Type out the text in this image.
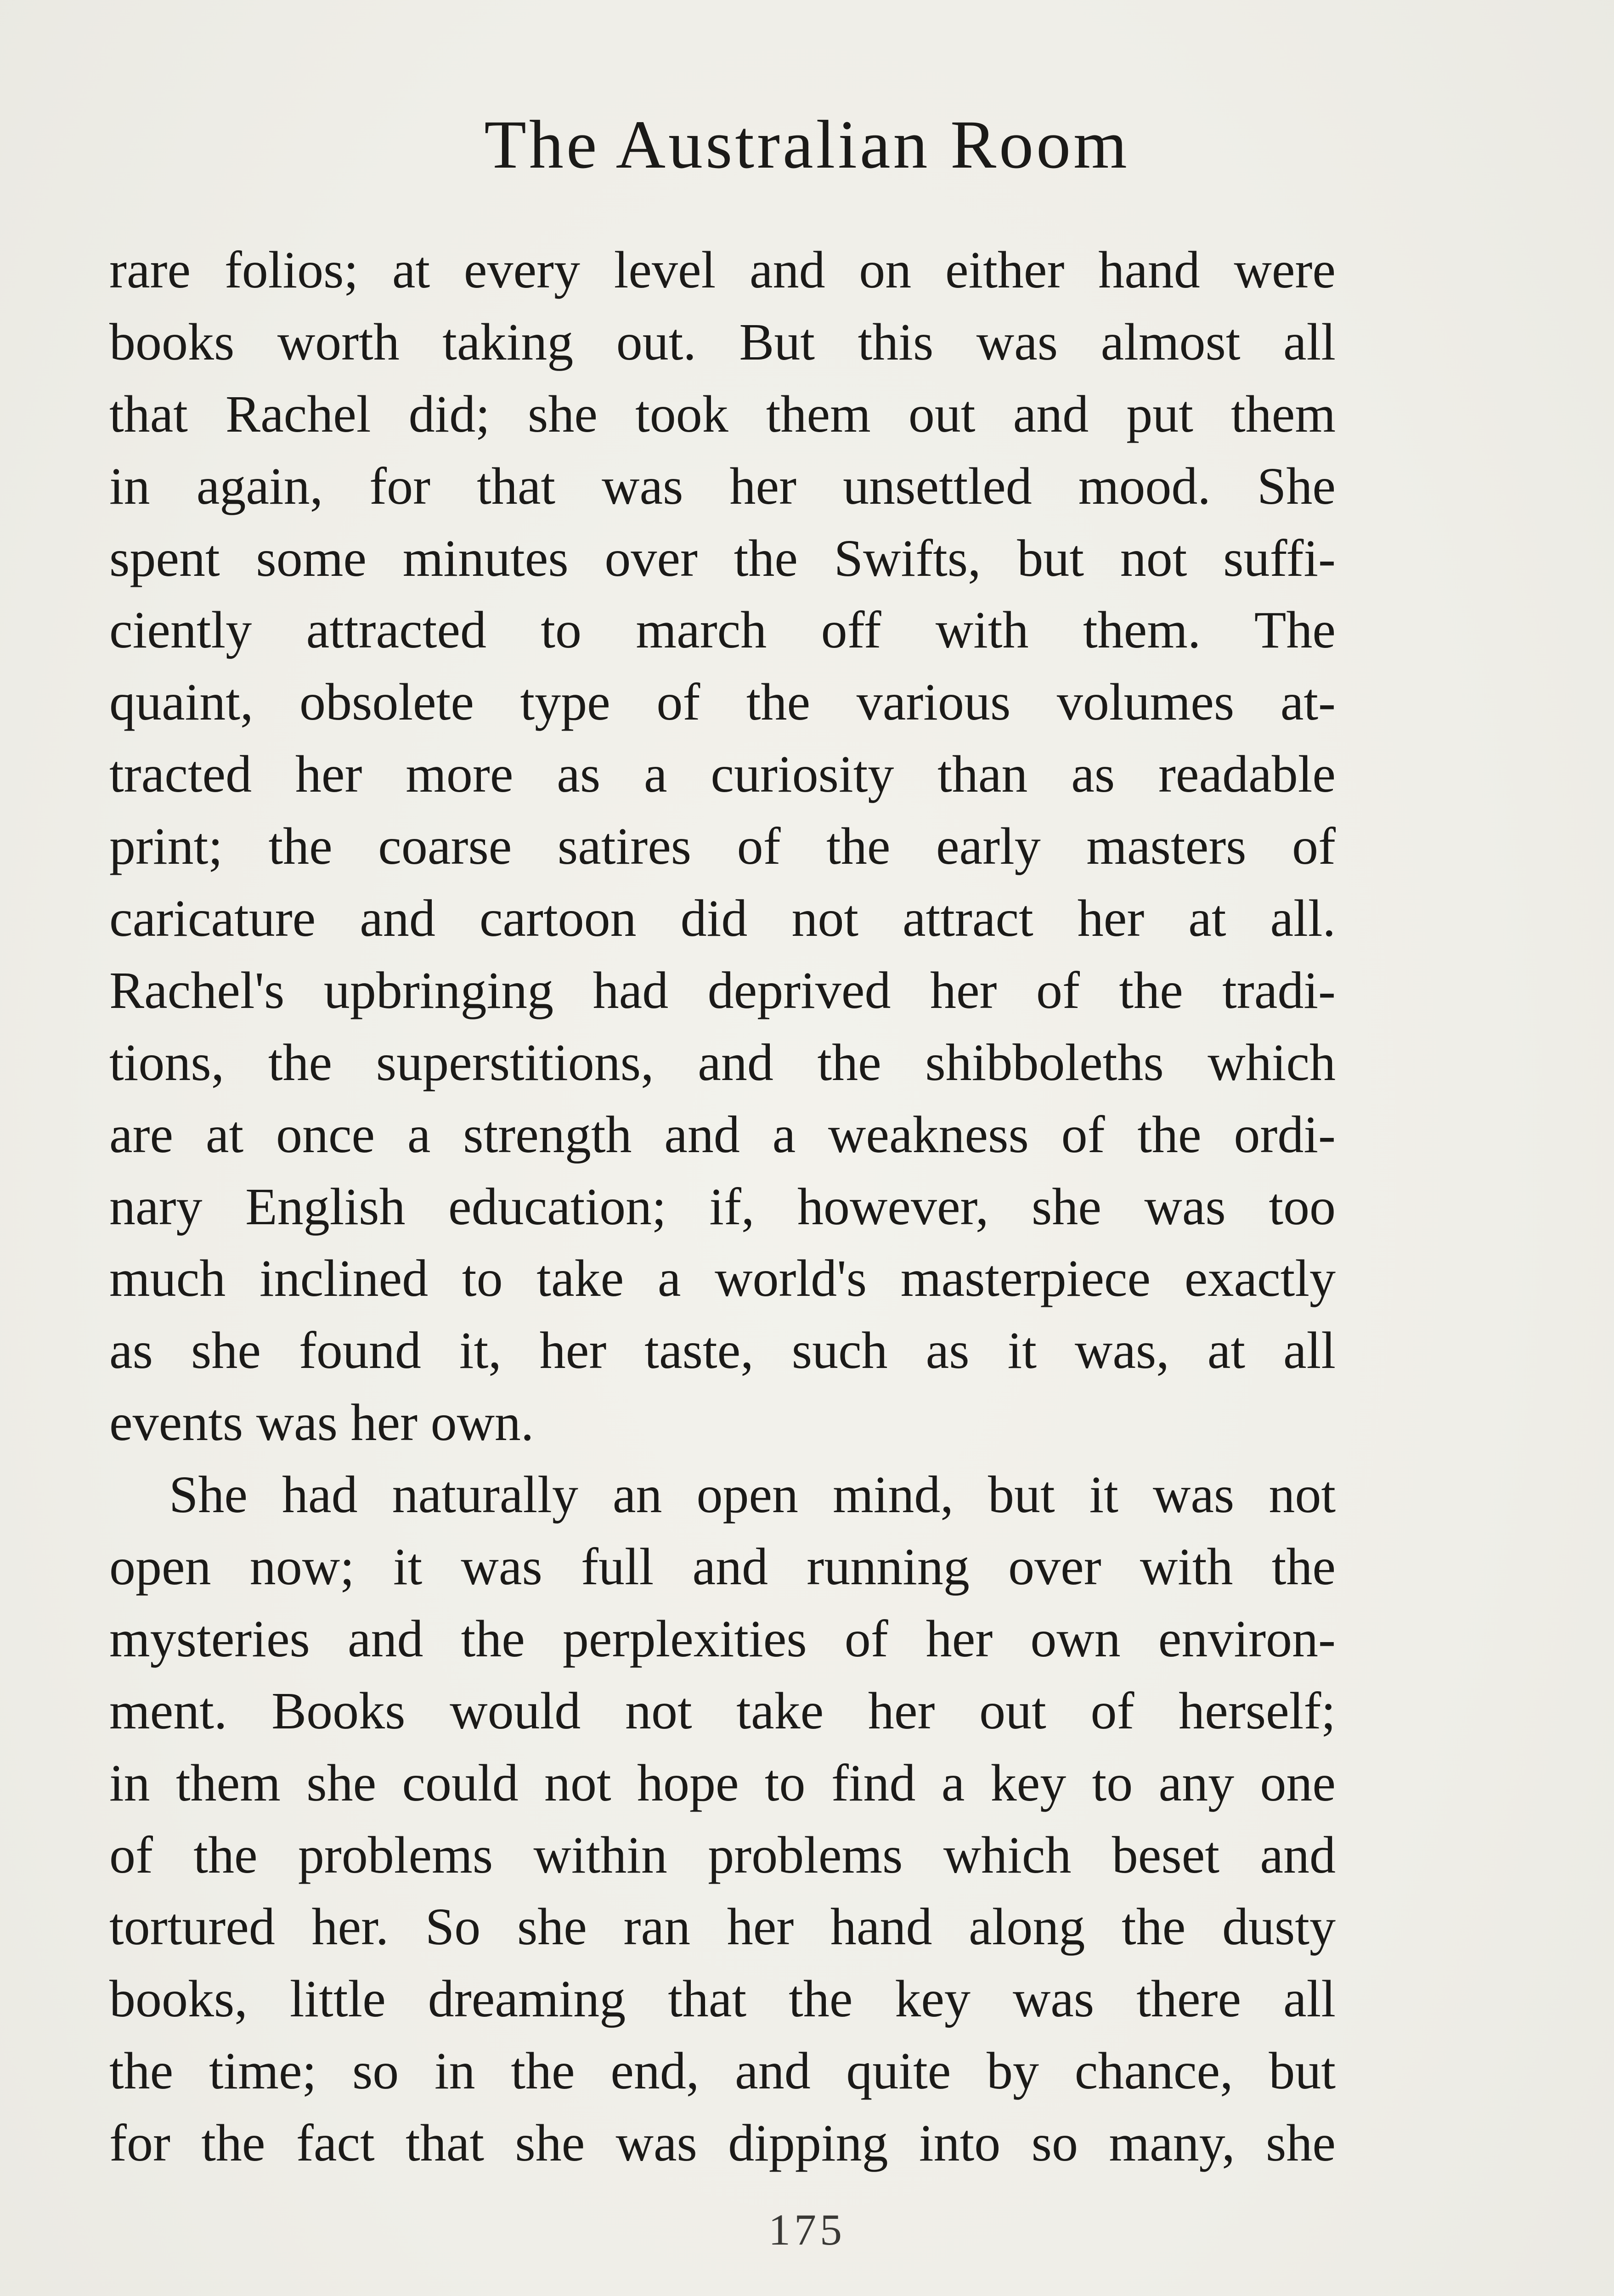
The Australian Room
rare folios; at every level and on either hand were
books worth taking out. But this was almost all
that Rachel did; she took them out and put them
in again, for that was her unsettled mood. She
spent some minutes over the Swifts, but not suffi-
ciently attracted to march off with them. The
quaint, obsolete type of the various volumes at-
tracted her more as a curiosity than as readable
print; the coarse satires of the early masters of
caricature and cartoon did not attract her at all.
Rachel's upbringing had deprived her of the tradi-
tions, the superstitions, and the shibboleths which
are at once a strength and a weakness of the ordi-
nary English education; if, however, she was too
much inclined to take a world's masterpiece exactly
as she found it, her taste, such as it was, at all
events was her own.
She had naturally an open mind, but it was not
open now; it was full and running over with the
mysteries and the perplexities of her own environ-
ment. Books would not take her out of herself;
in them she could not hope to find a key to any one
of the problems within problems which beset and
tortured her. So she ran her hand along the dusty
books, little dreaming that the key was there all
the time; so in the end, and quite by chance, but
for the fact that she was dipping into so many, she
175
